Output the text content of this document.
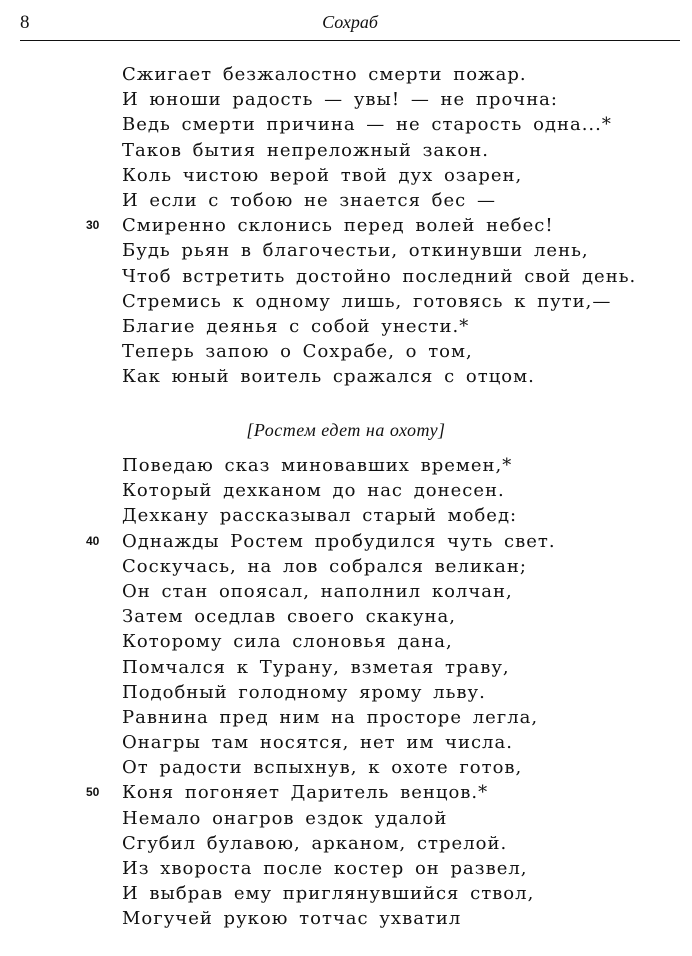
8	Сохраб
Сжигает безжалостно смерти пожар.
И юноши радость — увы! — не прочна:
Ведь смерти причина — не старость одна...*
Таков бытия непреложный закон.
Коль чистою верой твой дух озарен,
И если с тобою не знается бес —
30 Смиренно склонись перед волей небес!
Будь рьян в благочестьи, откинувши лень,
Чтоб встретить достойно последний свой день.
Стремись к одному лишь, готовясь к пути,—
Благие деянья с собой унести.*
Теперь запою о Сохрабе, о том,
Как юный воитель сражался с отцом.
[Ростем едет на охоту]
Поведаю сказ миновавших времен,*
Который дехканом до нас донесен.
Дехкану рассказывал старый мобед:
40 Однажды Ростем пробудился чуть свет.
Соскучась, на лов собрался великан;
Он стан опоясал, наполнил колчан,
Затем оседлав своего скакуна,
Которому сила слоновья дана,
Помчался к Турану, взметая траву,
Подобный голодному ярому льву.
Равнина пред ним на просторе легла,
Онагры там носятся, нет им числа.
От радости вспыхнув, к охоте готов,
50 Коня погоняет Даритель венцов.*
Немало онагров ездок удалой
Сгубил булавою, арканом, стрелой.
Из хвороста после костер он развел,
И выбрав ему приглянувшийся ствол,
Могучей рукою тотчас ухватил
